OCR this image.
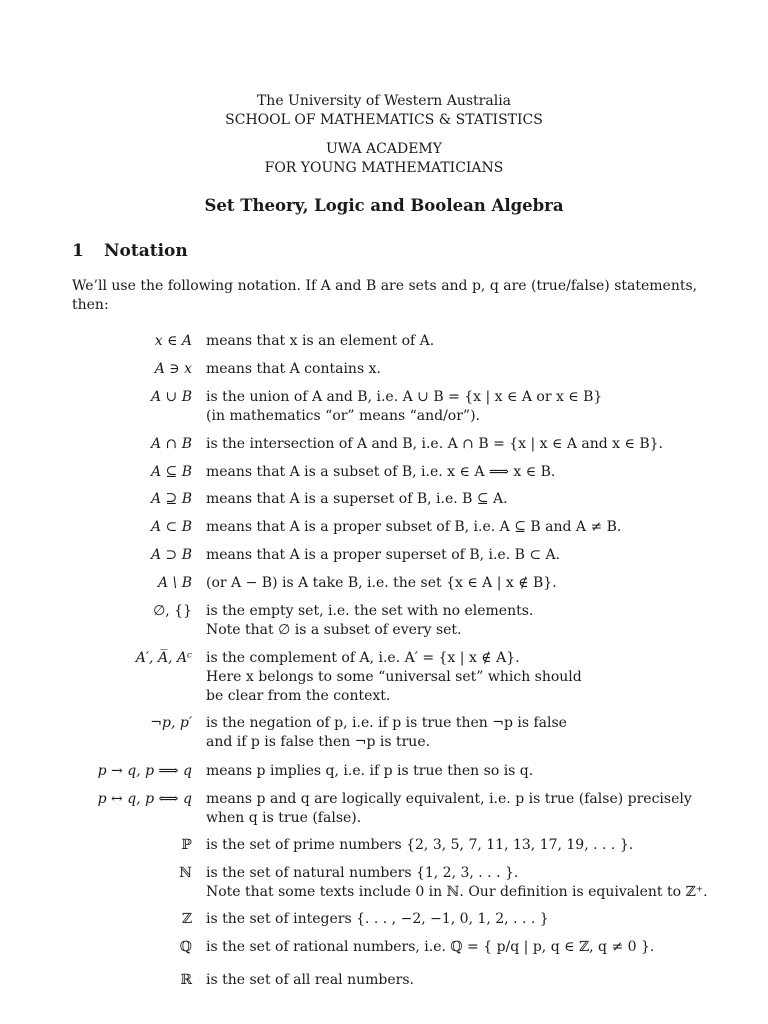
The University of Western Australia
SCHOOL OF MATHEMATICS & STATISTICS
UWA ACADEMY
FOR YOUNG MATHEMATICIANS
Set Theory, Logic and Boolean Algebra
1 Notation
We’ll use the following notation. If A and B are sets and p, q are (true/false) statements, then:
x ∈ A means that x is an element of A.
A ∋ x means that A contains x.
A ∪ B is the union of A and B, i.e. A ∪ B = {x | x ∈ A or x ∈ B}
(in mathematics “or” means “and/or”).
A ∩ B is the intersection of A and B, i.e. A ∩ B = {x | x ∈ A and x ∈ B}.
A ⊆ B means that A is a subset of B, i.e. x ∈ A ⟹ x ∈ B.
A ⊇ B means that A is a superset of B, i.e. B ⊆ A.
A ⊂ B means that A is a proper subset of B, i.e. A ⊆ B and A ≠ B.
A ⊃ B means that A is a proper superset of B, i.e. B ⊂ A.
A \ B (or A − B) is A take B, i.e. the set {x ∈ A | x ∉ B}.
∅, {} is the empty set, i.e. the set with no elements.
Note that ∅ is a subset of every set.
A′, A̅, Aᶜ is the complement of A, i.e. A′ = {x | x ∉ A}.
Here x belongs to some “universal set” which should
be clear from the context.
¬p, p′ is the negation of p, i.e. if p is true then ¬p is false
and if p is false then ¬p is true.
p → q, p ⟹ q means p implies q, i.e. if p is true then so is q.
p ↔ q, p ⟺ q means p and q are logically equivalent, i.e. p is true (false) precisely
when q is true (false).
ℙ is the set of prime numbers {2, 3, 5, 7, 11, 13, 17, 19, . . . }.
ℕ is the set of natural numbers {1, 2, 3, . . . }.
Note that some texts include 0 in ℕ. Our definition is equivalent to ℤ⁺.
ℤ is the set of integers {. . . , −2, −1, 0, 1, 2, . . . }
ℚ is the set of rational numbers, i.e. ℚ = { p/q | p, q ∈ ℤ, q ≠ 0 }.
ℝ is the set of all real numbers.
